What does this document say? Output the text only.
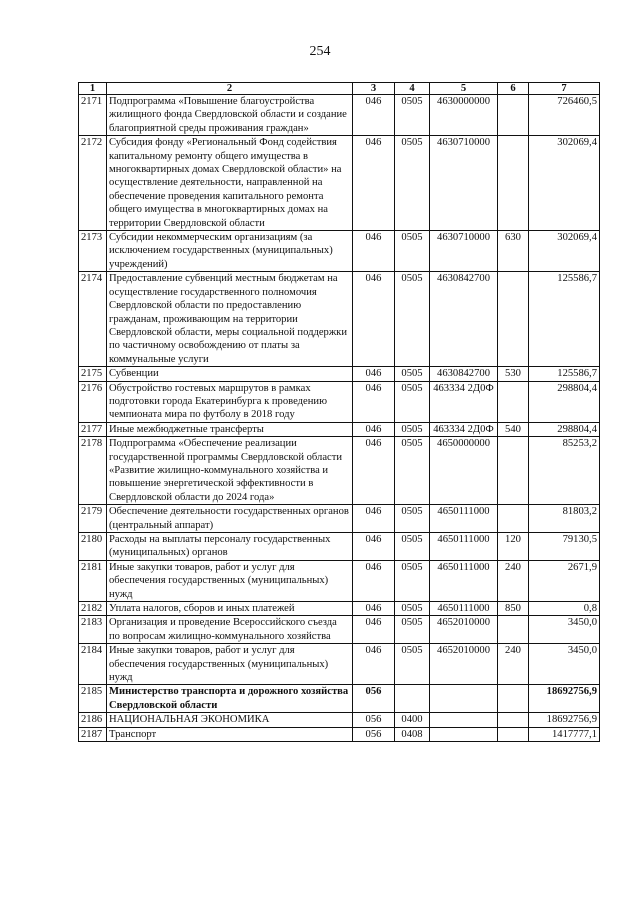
254
1	2	3	4	5	6	7
2171	Подпрограмма «Повышение благоустройства жилищного фонда Свердловской области и создание благоприятной среды проживания граждан»	046	0505	4630000000		726460,5
2172	Субсидия фонду «Региональный Фонд содействия капитальному ремонту общего имущества в многоквартирных домах Свердловской области» на осуществление деятельности, направленной на обеспечение проведения капитального ремонта общего имущества в многоквартирных домах на территории Свердловской области	046	0505	4630710000		302069,4
2173	Субсидии некоммерческим организациям (за исключением государственных (муниципальных) учреждений)	046	0505	4630710000	630	302069,4
2174	Предоставление субвенций местным бюджетам на осуществление государственного полномочия Свердловской области по предоставлению гражданам, проживающим на территории Свердловской области, меры социальной поддержки по частичному освобождению от платы за коммунальные услуги	046	0505	4630842700		125586,7
2175	Субвенции	046	0505	4630842700	530	125586,7
2176	Обустройство гостевых маршрутов в рамках подготовки города Екатеринбурга к проведению чемпионата мира по футболу в 2018 году	046	0505	463334 2Д0Ф		298804,4
2177	Иные межбюджетные трансферты	046	0505	463334 2Д0Ф	540	298804,4
2178	Подпрограмма «Обеспечение реализации государственной программы Свердловской области «Развитие жилищно-коммунального хозяйства и повышение энергетической эффективности в Свердловской области до 2024 года»	046	0505	4650000000		85253,2
2179	Обеспечение деятельности государственных органов (центральный аппарат)	046	0505	4650111000		81803,2
2180	Расходы на выплаты персоналу государственных (муниципальных) органов	046	0505	4650111000	120	79130,5
2181	Иные закупки товаров, работ и услуг для обеспечения государственных (муниципальных) нужд	046	0505	4650111000	240	2671,9
2182	Уплата налогов, сборов и иных платежей	046	0505	4650111000	850	0,8
2183	Организация и проведение Всероссийского съезда по вопросам жилищно-коммунального хозяйства	046	0505	4652010000		3450,0
2184	Иные закупки товаров, работ и услуг для обеспечения государственных (муниципальных) нужд	046	0505	4652010000	240	3450,0
2185	Министерство транспорта и дорожного хозяйства Свердловской области	056				18692756,9
2186	НАЦИОНАЛЬНАЯ ЭКОНОМИКА	056	0400			18692756,9
2187	Транспорт	056	0408			1417777,1
